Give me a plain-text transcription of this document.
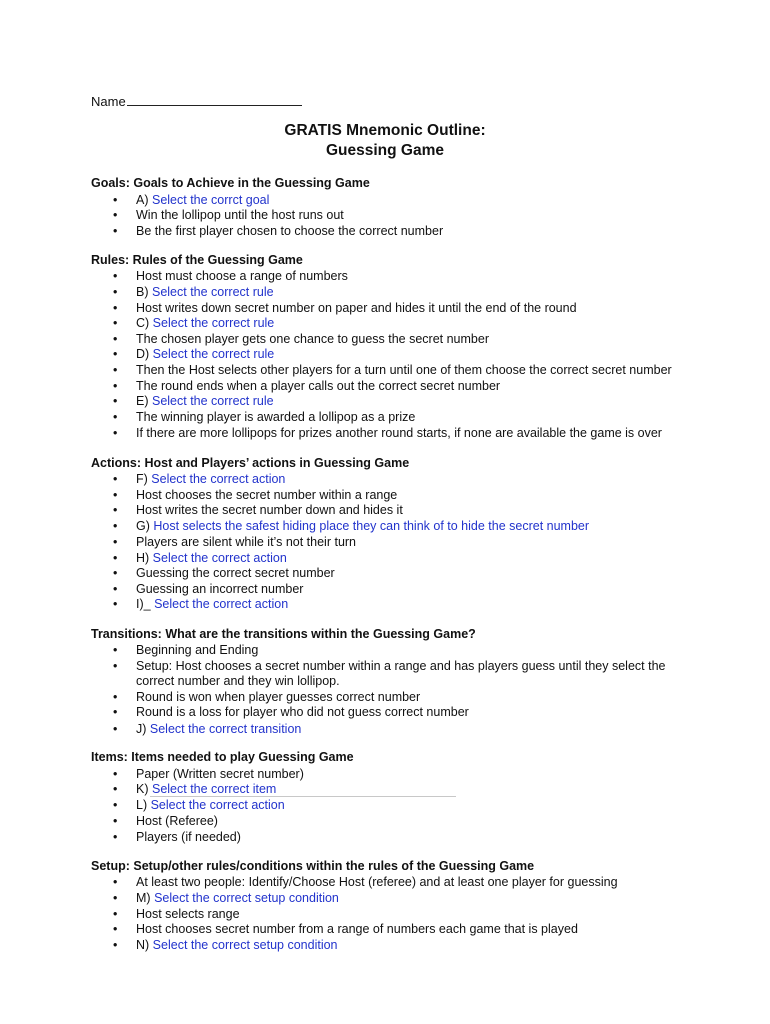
Name
GRATIS Mnemonic Outline:
Guessing Game
Goals: Goals to Achieve in the Guessing Game
•	A) Select the corrct goal
•	Win the lollipop until the host runs out
•	Be the first player chosen to choose the correct number
Rules: Rules of the Guessing Game
•	Host must choose a range of numbers
•	B) Select the correct rule
•	Host writes down secret number on paper and hides it until the end of the round
•	C) Select the correct rule
•	The chosen player gets one chance to guess the secret number
•	D) Select the correct rule
•	Then the Host selects other players for a turn until one of them choose the correct secret number
•	The round ends when a player calls out the correct secret number
•	E) Select the correct rule
•	The winning player is awarded a lollipop as a prize
•	If there are more lollipops for prizes another round starts, if none are available the game is over
Actions: Host and Players’ actions in Guessing Game
•	F) Select the correct action
•	Host chooses the secret number within a range
•	Host writes the secret number down and hides it
•	G) Host selects the safest hiding place they can think of to hide the secret number
•	Players are silent while it’s not their turn
•	H) Select the correct action
•	Guessing the correct secret number
•	Guessing an incorrect number
•	I)_ Select the correct action
Transitions: What are the transitions within the Guessing Game?
•	Beginning and Ending
•	Setup: Host chooses a secret number within a range and has players guess until they select the correct number and they win lollipop.
•	Round is won when player guesses correct number
•	Round is a loss for player who did not guess correct number
•	J) Select the correct transition
Items: Items needed to play Guessing Game
•	Paper (Written secret number)
•	K) Select the correct item
•	L) Select the correct action
•	Host (Referee)
•	Players (if needed)
Setup: Setup/other rules/conditions within the rules of the Guessing Game
•	At least two people: Identify/Choose Host (referee) and at least one player for guessing
•	M) Select the correct setup condition
•	Host selects range
•	Host chooses secret number from a range of numbers each game that is played
•	N) Select the correct setup condition
